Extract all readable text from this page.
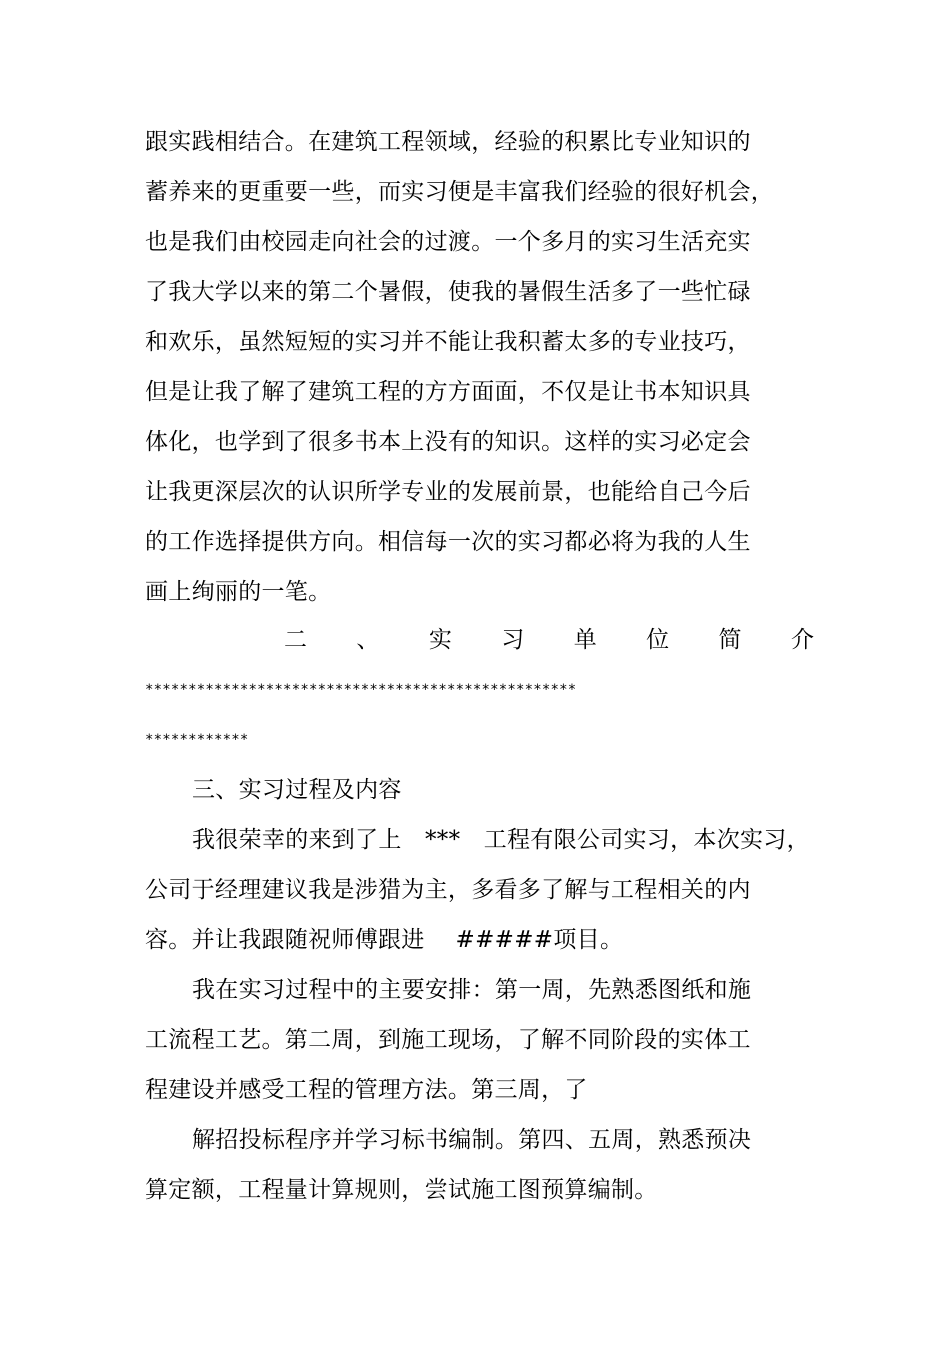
跟实践相结合。在建筑工程领域，经验的积累比专业知识的
蓄养来的更重要一些，而实习便是丰富我们经验的很好机会，
也是我们由校园走向社会的过渡。一个多月的实习生活充实
了我大学以来的第二个暑假，使我的暑假生活多了一些忙碌
和欢乐，虽然短短的实习并不能让我积蓄太多的专业技巧，
但是让我了解了建筑工程的方方面面，不仅是让书本知识具
体化，也学到了很多书本上没有的知识。这样的实习必定会
让我更深层次的认识所学专业的发展前景，也能给自己今后
的工作选择提供方向。相信每一次的实习都必将为我的人生
画上绚丽的一笔。
二 、 实 习 单 位 简 介
**************************************************
************
三、实习过程及内容
我很荣幸的来到了上　***　工程有限公司实习，本次实习，
公司于经理建议我是涉猎为主，多看多了解与工程相关的内
容。并让我跟随祝师傅跟进　 #####项目。
我在实习过程中的主要安排：第一周，先熟悉图纸和施
工流程工艺。第二周，到施工现场，了解不同阶段的实体工
程建设并感受工程的管理方法。第三周，了
解招投标程序并学习标书编制。第四、五周，熟悉预决
算定额，工程量计算规则，尝试施工图预算编制。
